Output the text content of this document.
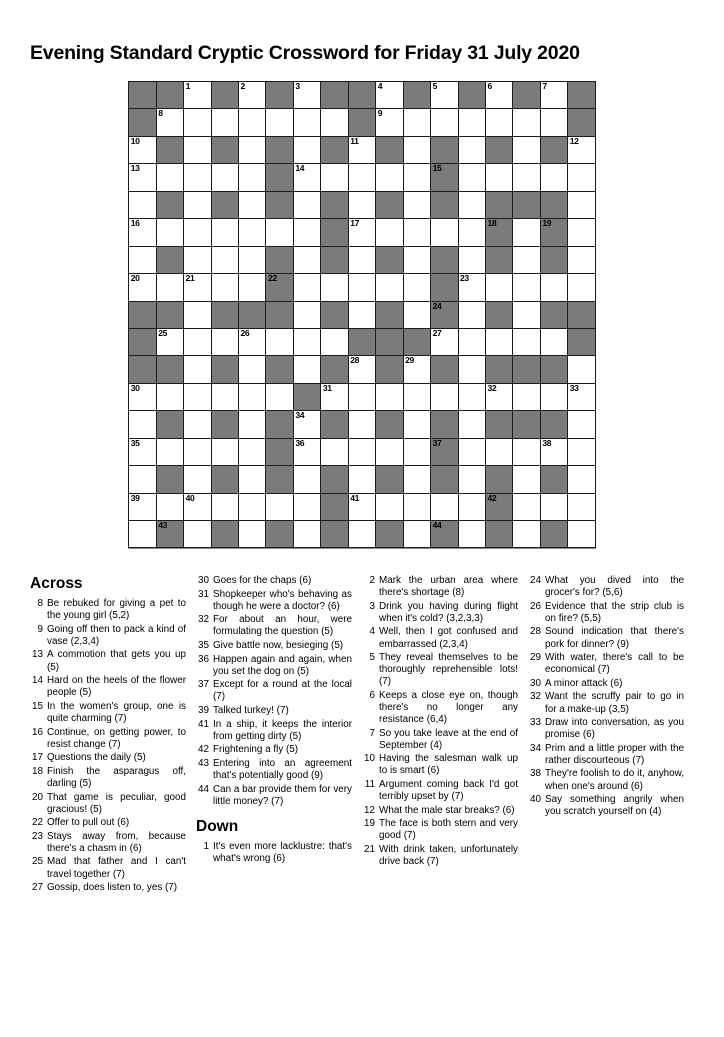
Evening Standard Cryptic Crossword for Friday 31 July 2020
1	2	3	4	5	6	7
8	9
10	11	12
13	14	15
16	17	18	19
20	21	22	23
24
25	26	27
28	29
30	31	32	33
34
35	36	37	38
39	40	41	42
43	44
Across
8 Be rebuked for giving a pet to the young girl (5,2)
9 Going off then to pack a kind of vase (2,3,4)
13 A commotion that gets you up (5)
14 Hard on the heels of the flower people (5)
15 In the women's group, one is quite charming (7)
16 Continue, on getting power, to resist change (7)
17 Questions the daily (5)
18 Finish the asparagus off, darling (5)
20 That game is peculiar, good gracious! (5)
22 Offer to pull out (6)
23 Stays away from, because there's a chasm in (6)
25 Mad that father and I can't travel together (7)
27 Gossip, does listen to, yes (7)
30 Goes for the chaps (6)
31 Shopkeeper who's behaving as though he were a doctor? (6)
32 For about an hour, were formulating the question (5)
35 Give battle now, besieging (5)
36 Happen again and again, when you set the dog on (5)
37 Except for a round at the local (7)
39 Talked turkey! (7)
41 In a ship, it keeps the interior from getting dirty (5)
42 Frightening a fly (5)
43 Entering into an agreement that's potentially good (9)
44 Can a bar provide them for very little money? (7)
Down
1 It's even more lacklustre: that's what's wrong (6)
2 Mark the urban area where there's shortage (8)
3 Drink you having during flight when it's cold? (3,2,3,3)
4 Well, then I got confused and embarrassed (2,3,4)
5 They reveal themselves to be thoroughly reprehensible lots! (7)
6 Keeps a close eye on, though there's no longer any resistance (6,4)
7 So you take leave at the end of September (4)
10 Having the salesman walk up to is smart (6)
11 Argument coming back I'd got terribly upset by (7)
12 What the male star breaks? (6)
19 The face is both stern and very good (7)
21 With drink taken, unfortunately drive back (7)
24 What you dived into the grocer's for? (5,6)
26 Evidence that the strip club is on fire? (5,5)
28 Sound indication that there's pork for dinner? (9)
29 With water, there's call to be economical (7)
30 A minor attack (6)
32 Want the scruffy pair to go in for a make-up (3,5)
33 Draw into conversation, as you promise (6)
34 Prim and a little proper with the rather discourteous (7)
38 They're foolish to do it, anyhow, when one's around (6)
40 Say something angrily when you scratch yourself on (4)
